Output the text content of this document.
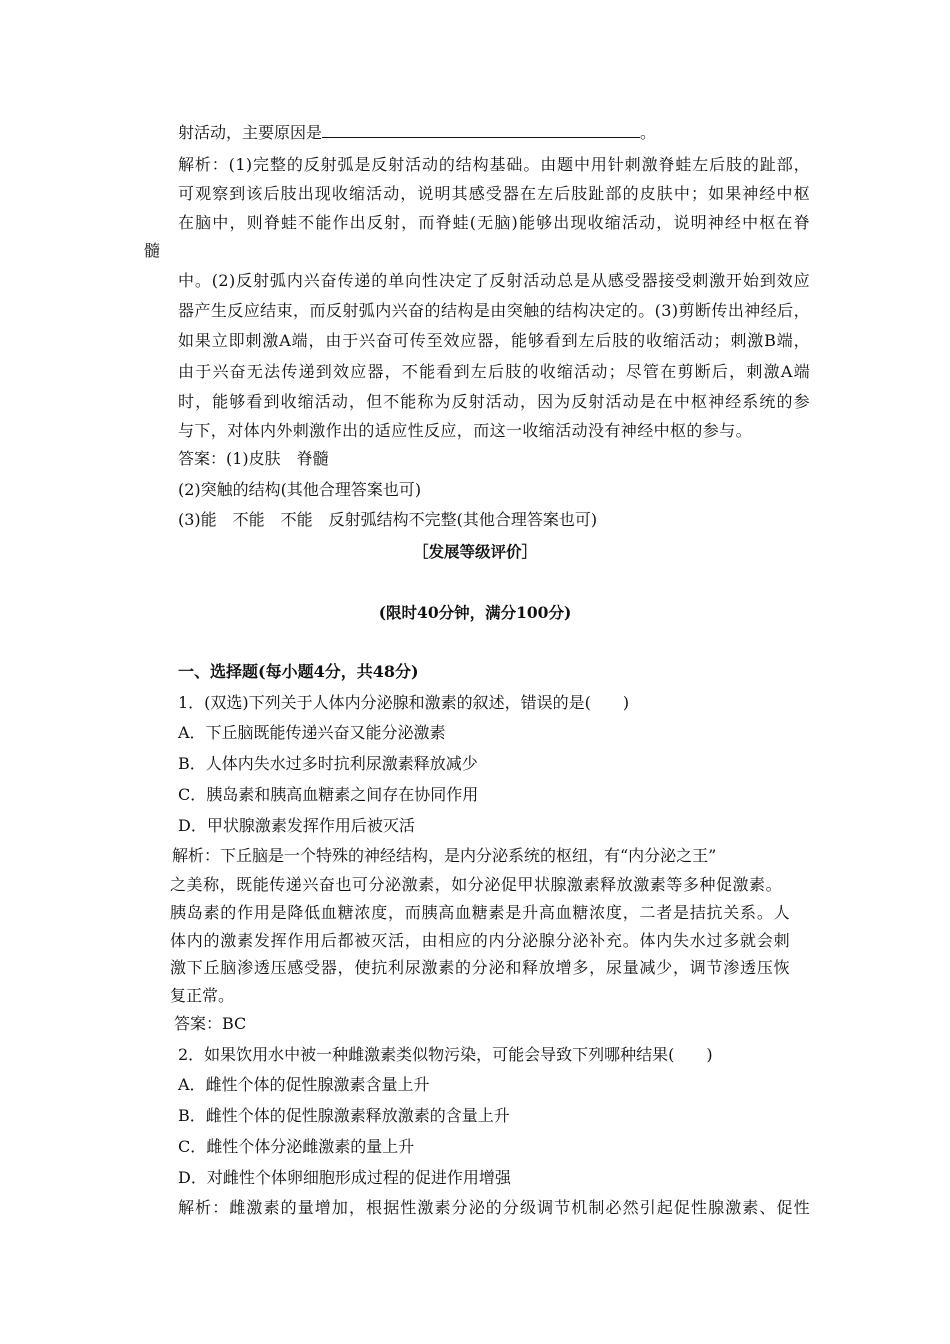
射活动，主要原因是	。
解析：(1)完整的反射弧是反射活动的结构基础。由题中用针刺激脊蛙左后肢的趾部，
可观察到该后肢出现收缩活动，说明其感受器在左后肢趾部的皮肤中；如果神经中枢
在脑中，则脊蛙不能作出反射，而脊蛙(无脑)能够出现收缩活动，说明神经中枢在脊
髓
中。(2)反射弧内兴奋传递的单向性决定了反射活动总是从感受器接受刺激开始到效应
器产生反应结束，而反射弧内兴奋的结构是由突触的结构决定的。(3)剪断传出神经后，
如果立即刺激A端，由于兴奋可传至效应器，能够看到左后肢的收缩活动；刺激B端，
由于兴奋无法传递到效应器，不能看到左后肢的收缩活动；尽管在剪断后，刺激A端
时，能够看到收缩活动，但不能称为反射活动，因为反射活动是在中枢神经系统的参
与下，对体内外刺激作出的适应性反应，而这一收缩活动没有神经中枢的参与。
答案：(1)皮肤　脊髓
(2)突触的结构(其他合理答案也可)
(3)能　不能　不能　反射弧结构不完整(其他合理答案也可)
［发展等级评价］
(限时40分钟，满分100分)
一、选择题(每小题4分，共48分)
1．(双选)下列关于人体内分泌腺和激素的叙述，错误的是(　　)
A．下丘脑既能传递兴奋又能分泌激素
B．人体内失水过多时抗利尿激素释放减少
C．胰岛素和胰高血糖素之间存在协同作用
D．甲状腺激素发挥作用后被灭活
解析：下丘脑是一个特殊的神经结构，是内分泌系统的枢纽，有“内分泌之王”
之美称，既能传递兴奋也可分泌激素，如分泌促甲状腺激素释放激素等多种促激素。
胰岛素的作用是降低血糖浓度，而胰高血糖素是升高血糖浓度，二者是拮抗关系。人
体内的激素发挥作用后都被灭活，由相应的内分泌腺分泌补充。体内失水过多就会刺
激下丘脑渗透压感受器，使抗利尿激素的分泌和释放增多，尿量减少，调节渗透压恢
复正常。
答案：BC
2．如果饮用水中被一种雌激素类似物污染，可能会导致下列哪种结果(　　)
A．雌性个体的促性腺激素含量上升
B．雌性个体的促性腺激素释放激素的含量上升
C．雌性个体分泌雌激素的量上升
D．对雌性个体卵细胞形成过程的促进作用增强
解析：雌激素的量增加，根据性激素分泌的分级调节机制必然引起促性腺激素、促性
